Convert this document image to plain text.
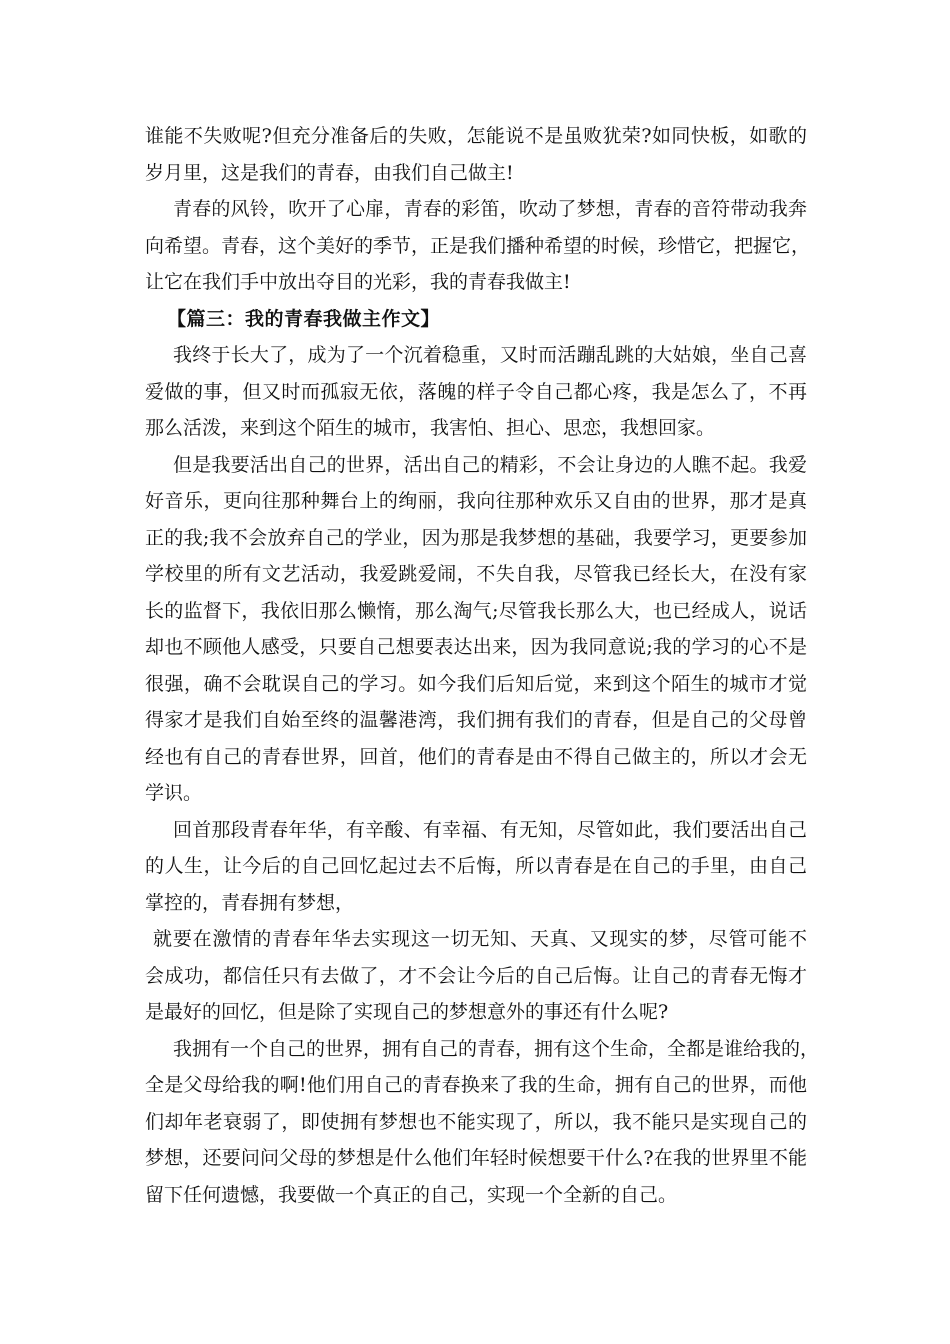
谁能不失败呢?但充分准备后的失败，怎能说不是虽败犹荣?如同快板，如歌的
岁月里，这是我们的青春，由我们自己做主!
青春的风铃，吹开了心扉，青春的彩笛，吹动了梦想，青春的音符带动我奔
向希望。青春，这个美好的季节，正是我们播种希望的时候，珍惜它，把握它，
让它在我们手中放出夺目的光彩，我的青春我做主!
【篇三：我的青春我做主作文】
我终于长大了，成为了一个沉着稳重，又时而活蹦乱跳的大姑娘，坐自己喜
爱做的事，但又时而孤寂无依，落魄的样子令自己都心疼，我是怎么了，不再
那么活泼，来到这个陌生的城市，我害怕、担心、思恋，我想回家。
但是我要活出自己的世界，活出自己的精彩，不会让身边的人瞧不起。我爱
好音乐，更向往那种舞台上的绚丽，我向往那种欢乐又自由的世界，那才是真
正的我;我不会放弃自己的学业，因为那是我梦想的基础，我要学习，更要参加
学校里的所有文艺活动，我爱跳爱闹，不失自我，尽管我已经长大，在没有家
长的监督下，我依旧那么懒惰，那么淘气;尽管我长那么大，也已经成人，说话
却也不顾他人感受，只要自己想要表达出来，因为我同意说;我的学习的心不是
很强，确不会耽误自己的学习。如今我们后知后觉，来到这个陌生的城市才觉
得家才是我们自始至终的温馨港湾，我们拥有我们的青春，但是自己的父母曾
经也有自己的青春世界，回首，他们的青春是由不得自己做主的，所以才会无
学识。
回首那段青春年华，有辛酸、有幸福、有无知，尽管如此，我们要活出自己
的人生，让今后的自己回忆起过去不后悔，所以青春是在自己的手里，由自己
掌控的，青春拥有梦想，
就要在激情的青春年华去实现这一切无知、天真、又现实的梦，尽管可能不
会成功，都信任只有去做了，才不会让今后的自己后悔。让自己的青春无悔才
是最好的回忆，但是除了实现自己的梦想意外的事还有什么呢?
我拥有一个自己的世界，拥有自己的青春，拥有这个生命，全都是谁给我的，
全是父母给我的啊!他们用自己的青春换来了我的生命，拥有自己的世界，而他
们却年老衰弱了，即使拥有梦想也不能实现了，所以，我不能只是实现自己的
梦想，还要问问父母的梦想是什么他们年轻时候想要干什么?在我的世界里不能
留下任何遗憾，我要做一个真正的自己，实现一个全新的自己。
